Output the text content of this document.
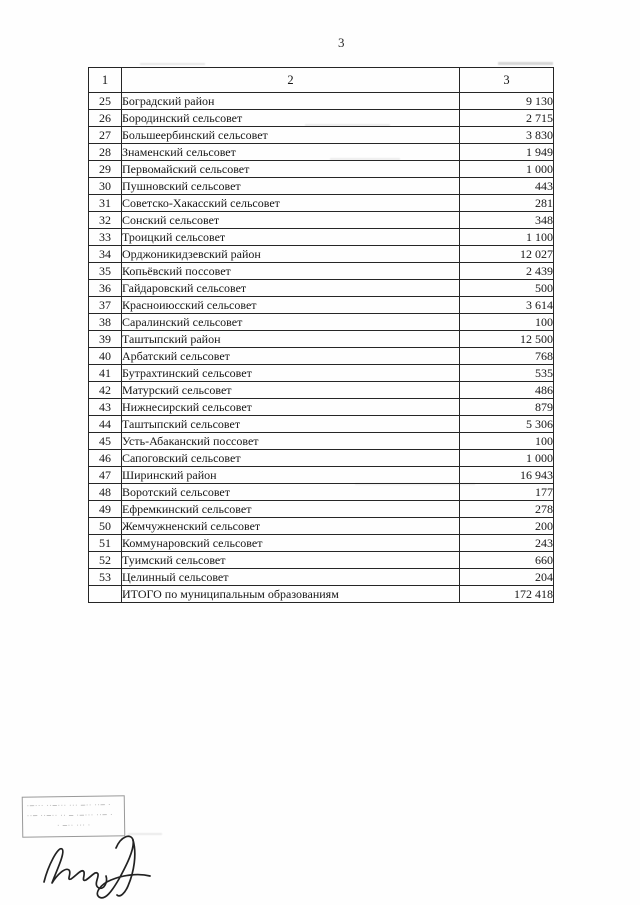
3
1	2	3
25	Боградский район	9 130
26	Бородинский сельсовет	2 715
27	Большеербинский сельсовет	3 830
28	Знаменский сельсовет	1 949
29	Первомайский сельсовет	1 000
30	Пушновский сельсовет	443
31	Советско-Хакасский сельсовет	281
32	Сонский сельсовет	348
33	Троицкий сельсовет	1 100
34	Орджоникидзевский район	12 027
35	Копьёвский поссовет	2 439
36	Гайдаровский сельсовет	500
37	Красноиюсский сельсовет	3 614
38	Саралинский сельсовет	100
39	Таштыпский район	12 500
40	Арбатский сельсовет	768
41	Бутрахтинский сельсовет	535
42	Матурский сельсовет	486
43	Нижнесирский сельсовет	879
44	Таштыпский сельсовет	5 306
45	Усть-Абаканский поссовет	100
46	Сапоговский сельсовет	1 000
47	Ширинский район	16 943
48	Воротский сельсовет	177
49	Ефремкинский сельсовет	278
50	Жемчужненский сельсовет	200
51	Коммунаровский сельсовет	243
52	Туимский сельсовет	660
53	Целинный сельсовет	204
	ИТОГО по муниципальным образованиям	172 418
·─··· ··─··· ··· ─·· ··─ ·
··─ ··─·· ·· ─ ·─··· ··─ ·
· ─·· ··· ·
